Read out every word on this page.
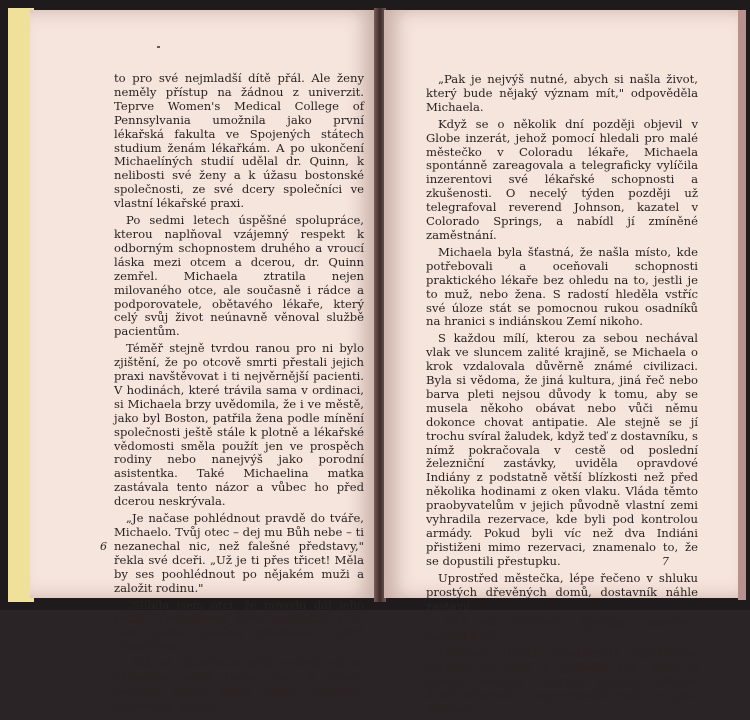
to pro své nejmladší dítě přál. Ale ženy neměly přístup na žádnou z univerzit. Teprve Women's Medical College of Pennsylvania umožnila jako první lékařská fakulta ve Spojených státech studium ženám lékařkám. A po ukončení Michaelíných studií udělal dr. Quinn, k nelibosti své ženy a k úžasu bostonské společnosti, ze své dcery společníci ve vlastní lékařské praxi.

Po sedmi letech úspěšné spolupráce, kterou naplňoval vzájemný respekt k odborným schopnostem druhého a vroucí láska mezi otcem a dcerou, dr. Quinn zemřel. Michaela ztratila nejen milovaného otce, ale současně i rádce a podporovatele, obětavého lékaře, který celý svůj život neúnavně věnoval službě pacientům.

Téměř stejně tvrdou ranou pro ni bylo zjištění, že po otcově smrti přestali jejich praxi navštěvovat i ti nejvěrnější pacienti. V hodinách, které trávila sama v ordinaci, si Michaela brzy uvědomila, že i ve městě, jako byl Boston, patřila žena podle mínění společnosti ještě stále k plotně a lékařské vědomosti směla použít jen ve prospěch rodiny nebo nanejvýš jako porodní asistentka. Také Michaelina matka zastávala tento názor a vůbec ho před dcerou neskrývala.

„Je načase pohlédnout pravdě do tváře, Michaelo. Tvůj otec – dej mu Bůh nebe – ti nezanechal nic, než falešné představy," řekla své dceři. „Už je ti přes třicet! Měla by ses poohlédnout po nějakém muži a založit rodinu."

„Slíbila jsem otci, že povedu dál jeho praxi. Vystudovala jsem medicínu a to není žádná falešná představa, nýbrž skutečnost."

„Taková skutečnost hrála možná roli ve vědeckém světě tvého otce. V našem běžném životě nemá žádný význam," oponovala matka.

6

„Pak je nejvýš nutné, abych si našla život, který bude nějaký význam mít," odpověděla Michaela.

Když se o několik dní později objevil v Globe inzerát, jehož pomocí hledali pro malé městečko v Coloradu lékaře, Michaela spontánně zareagovala a telegraficky vylíčila inzerentovi své lékařské schopnosti a zkušenosti. O necelý týden později už telegrafoval reverend Johnson, kazatel v Colorado Springs, a nabídl jí zmíněné zaměstnání.

Michaela byla šťastná, že našla místo, kde potřebovali a oceňovali schopnosti praktického lékaře bez ohledu na to, jestli je to muž, nebo žena. S radostí hleděla vstříc své úloze stát se pomocnou rukou osadníků na hranici s indiánskou Zemí nikoho.

S každou mílí, kterou za sebou nechával vlak ve sluncem zalité krajině, se Michaela o krok vzdalovala důvěrně známé civilizaci. Byla si vědoma, že jiná kultura, jiná řeč nebo barva pleti nejsou důvody k tomu, aby se musela někoho obávat nebo vůči němu dokonce chovat antipatie. Ale stejně se jí trochu svíral žaludek, když teď z dostavníku, s nímž pokračovala v cestě od poslední železniční zastávky, uviděla opravdové Indiány z podstatně větší blízkosti než před několika hodinami z oken vlaku. Vláda těmto praobyvatelům v jejich původně vlastní zemi vyhradila rezervace, kde byli pod kontrolou armády. Pokud byli víc než dva Indiáni přistiženi mimo rezervaci, znamenalo to, že se dopustili přestupku.

Uprostřed městečka, lépe řečeno v shluku prostých dřevěných domů, dostavník náhle zastavil.

„Vítá vás Colorado Springs, panstvo!" zavolal kočí.

Michaela trochu poodhrnula zaprášenou záclonu na okně a vyhlédla ven. Bylo to zjevně centrum Colorado Springs: několik domů rámovalo v nepravidelné řadě cosi jako náměstí.

7
